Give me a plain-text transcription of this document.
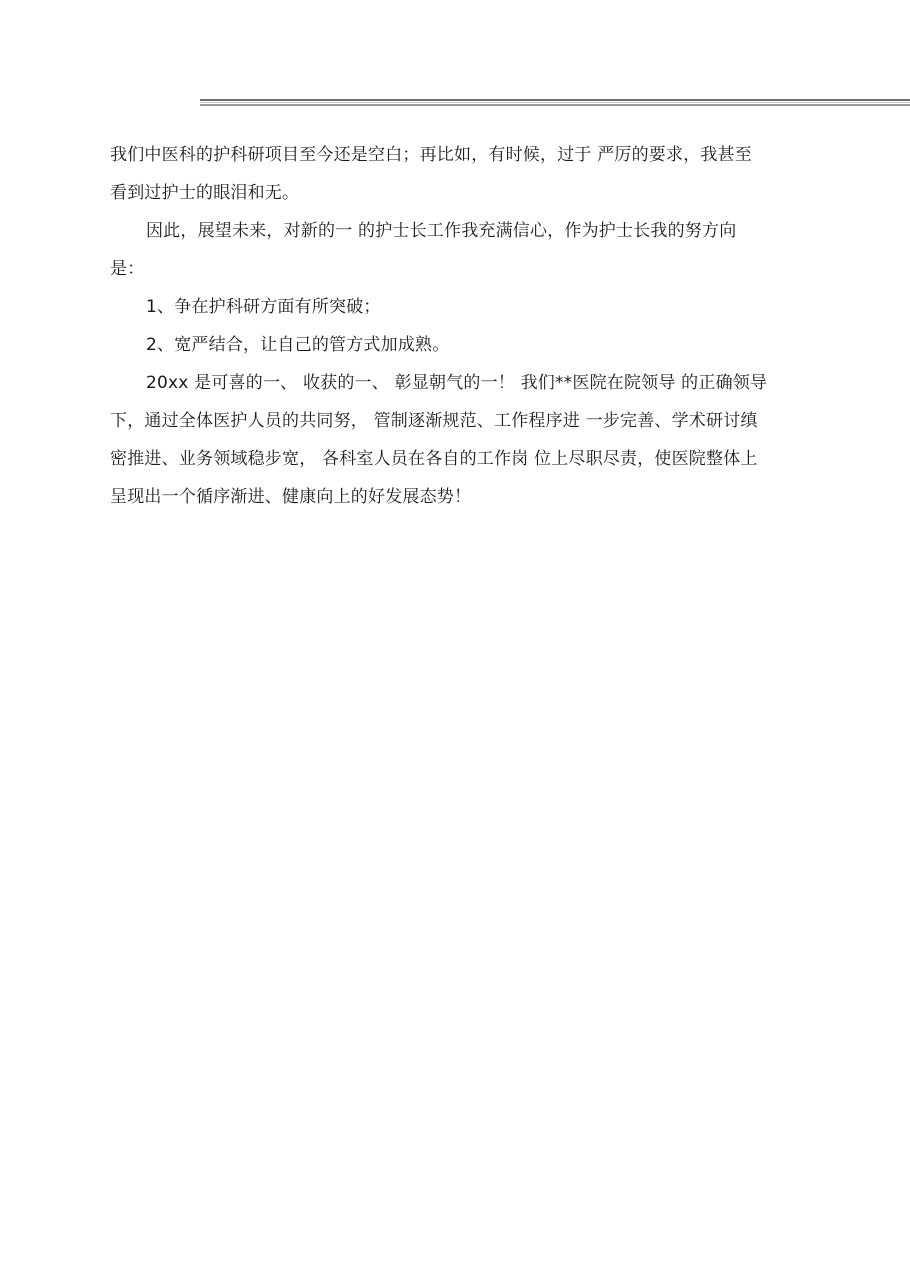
我们中医科的护科研项目至今还是空白；再比如，有时候，过于 严厉的要求，我甚至
看到过护士的眼泪和无。
因此，展望未来，对新的一 的护士长工作我充满信心，作为护士长我的努方向
是：
1、争在护科研方面有所突破；
2、宽严结合，让自己的管方式加成熟。
20xx 是可喜的一、 收获的一、 彰显朝气的一！ 我们**医院在院领导 的正确领导
下，通过全体医护人员的共同努， 管制逐渐规范、工作程序进 一步完善、学术研讨缜
密推进、业务领域稳步宽， 各科室人员在各自的工作岗 位上尽职尽责，使医院整体上
呈现出一个循序渐进、健康向上的好发展态势！
